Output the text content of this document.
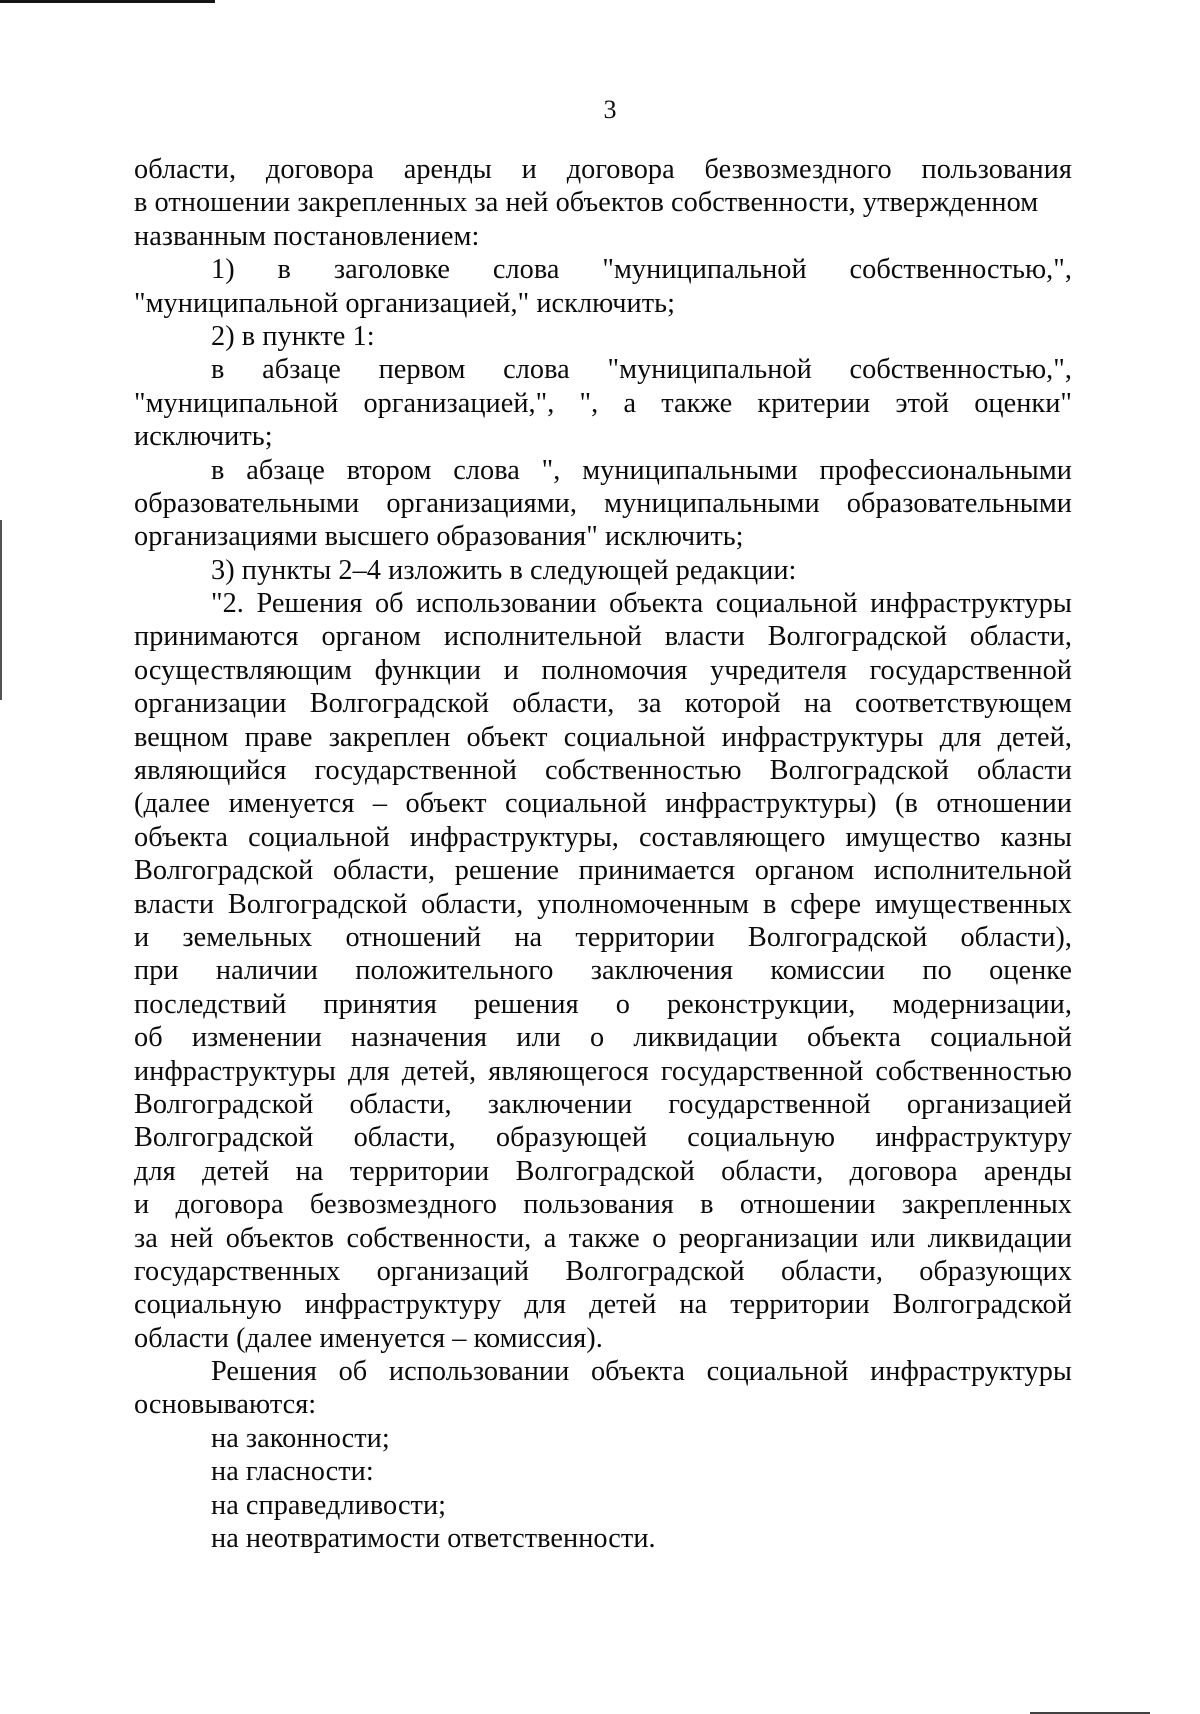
3
области, договора аренды и договора безвозмездного пользования
в отношении закрепленных за ней объектов собственности, утвержденном
названным постановлением:
1) в заголовке слова "муниципальной собственностью,",
"муниципальной организацией," исключить;
2) в пункте 1:
в абзаце первом слова "муниципальной собственностью,",
"муниципальной организацией,", ", а также критерии этой оценки"
исключить;
в абзаце втором слова ", муниципальными профессиональными
образовательными организациями, муниципальными образовательными
организациями высшего образования" исключить;
3) пункты 2–4 изложить в следующей редакции:
"2. Решения об использовании объекта социальной инфраструктуры
принимаются органом исполнительной власти Волгоградской области,
осуществляющим функции и полномочия учредителя государственной
организации Волгоградской области, за которой на соответствующем
вещном праве закреплен объект социальной инфраструктуры для детей,
являющийся государственной собственностью Волгоградской области
(далее именуется – объект социальной инфраструктуры) (в отношении
объекта социальной инфраструктуры, составляющего имущество казны
Волгоградской области, решение принимается органом исполнительной
власти Волгоградской области, уполномоченным в сфере имущественных
и земельных отношений на территории Волгоградской области),
при наличии положительного заключения комиссии по оценке
последствий принятия решения о реконструкции, модернизации,
об изменении назначения или о ликвидации объекта социальной
инфраструктуры для детей, являющегося государственной собственностью
Волгоградской области, заключении государственной организацией
Волгоградской области, образующей социальную инфраструктуру
для детей на территории Волгоградской области, договора аренды
и договора безвозмездного пользования в отношении закрепленных
за ней объектов собственности, а также о реорганизации или ликвидации
государственных организаций Волгоградской области, образующих
социальную инфраструктуру для детей на территории Волгоградской
области (далее именуется – комиссия).
Решения об использовании объекта социальной инфраструктуры
основываются:
на законности;
на гласности:
на справедливости;
на неотвратимости ответственности.
